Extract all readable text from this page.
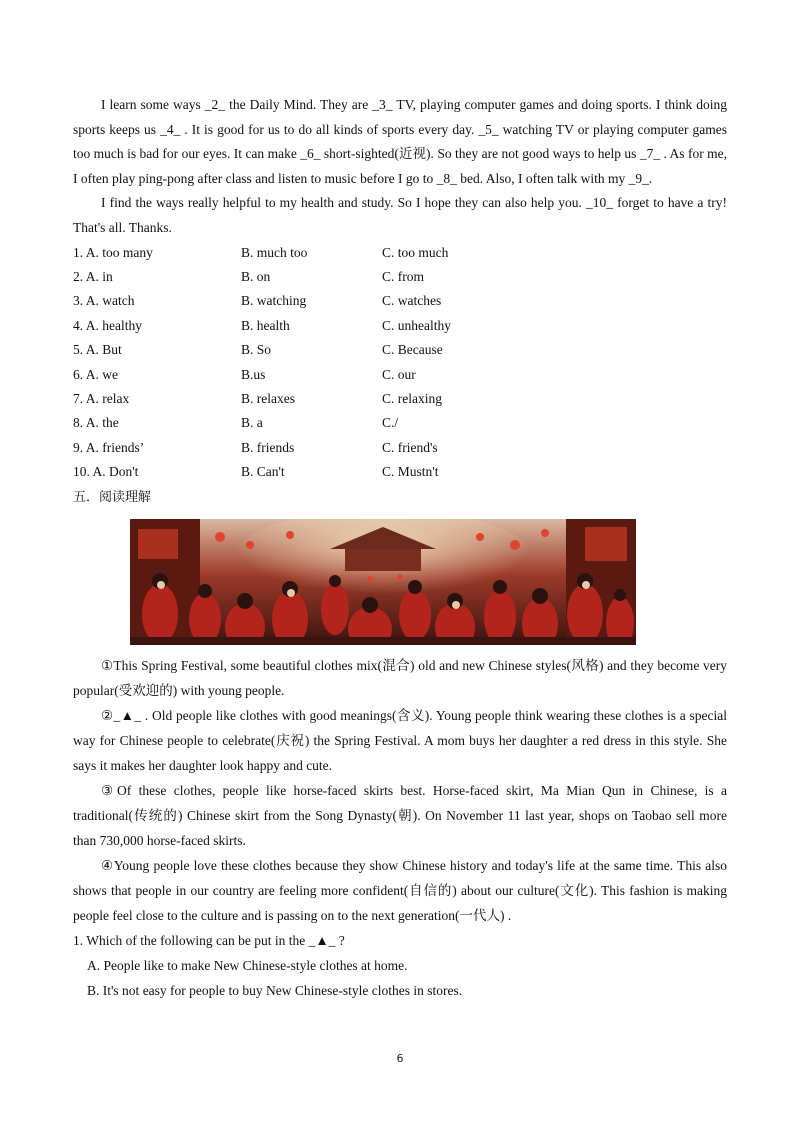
I learn some ways _2_ the Daily Mind. They are _3_ TV, playing computer games and doing sports. I think doing sports keeps us _4_ . It is good for us to do all kinds of sports every day. _5_ watching TV or playing computer games too much is bad for our eyes. It can make _6_ short-sighted(近视). So they are not good ways to help us _7_ . As for me, I often play ping-pong after class and listen to music before I go to _8_ bed. Also, I often talk with my _9_.

I find the ways really helpful to my health and study. So I hope they can also help you. _10_ forget to have a try! That's all. Thanks.

1. A. too many	B. much too	C. too much
2. A. in	B. on	C. from
3. A. watch	B. watching	C. watches
4. A. healthy	B. health	C. unhealthy
5. A. But	B. So	C. Because
6. A. we	B.us	C. our
7. A. relax	B. relaxes	C. relaxing
8. A. the	B. a	C./
9. A. friends’	B. friends	C. friend's
10. A. Don't	B. Can't	C. Mustn't
五．阅读理解

①This Spring Festival, some beautiful clothes mix(混合) old and new Chinese styles(风格) and they become very popular(受欢迎的) with young people.

②_▲_ . Old people like clothes with good meanings(含义). Young people think wearing these clothes is a special way for Chinese people to celebrate(庆祝) the Spring Festival. A mom buys her daughter a red dress in this style. She says it makes her daughter look happy and cute.

③Of these clothes, people like horse-faced skirts best. Horse-faced skirt, Ma Mian Qun in Chinese, is a traditional(传统的) Chinese skirt from the Song Dynasty(朝). On November 11 last year, shops on Taobao sell more than 730,000 horse-faced skirts.

④Young people love these clothes because they show Chinese history and today's life at the same time. This also shows that people in our country are feeling more confident(自信的) about our culture(文化). This fashion is making people feel close to the culture and is passing on to the next generation(一代人) .

1. Which of the following can be put in the _▲_ ?

A. People like to make New Chinese-style clothes at home.

B. It's not easy for people to buy New Chinese-style clothes in stores.

6
